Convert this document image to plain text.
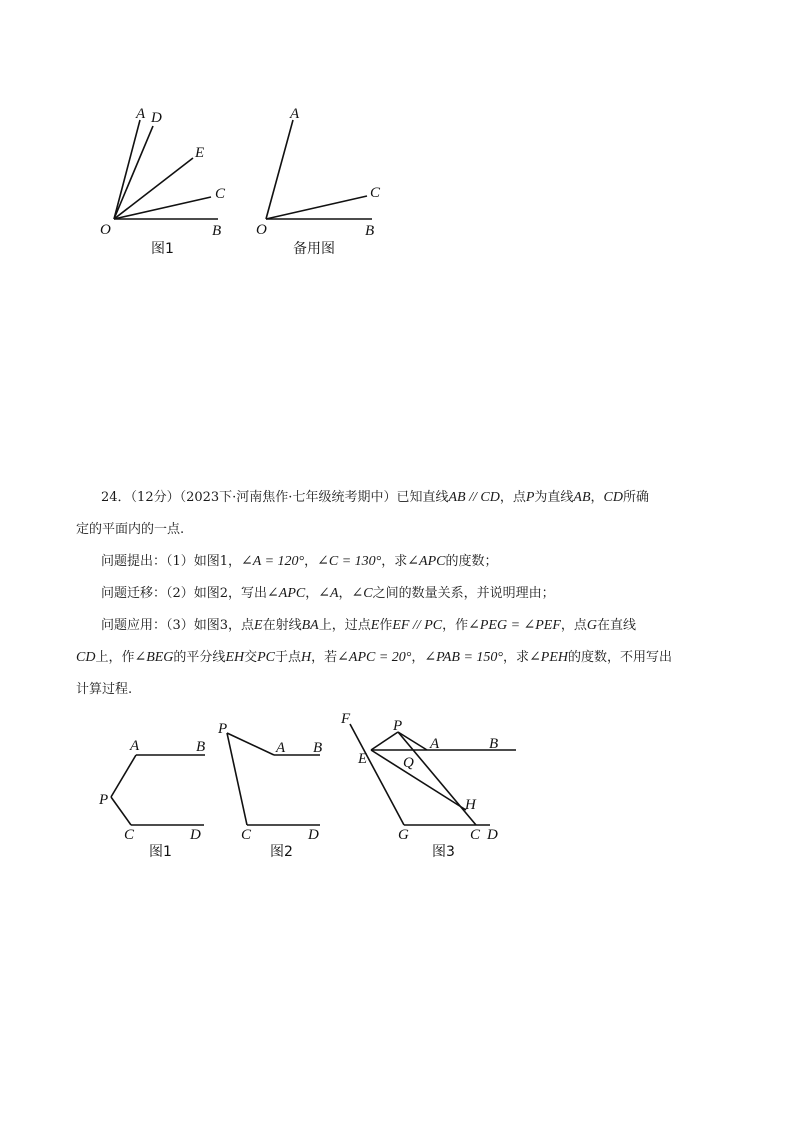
A D
E
C
O	B
图1
A
C
O	B
备用图

24．（12分）（2023下·河南焦作·七年级统考期中）已知直线AB // CD，点P为直线AB，CD所确

定的平面内的一点.

问题提出：（1）如图1，∠A = 120°，∠C = 130°，求∠APC的度数；

问题迁移：（2）如图2，写出∠APC，∠A，∠C之间的数量关系，并说明理由；

问题应用：（3）如图3，点E在射线BA上，过点E作EF // PC，作∠PEG = ∠PEF，点G在直线

CD上，作∠BEG的平分线EH交PC于点H，若∠APC = 20°，∠PAB = 150°，求∠PEH的度数，不用写出

计算过程.

A	B
P
C	D
图1
P
A B
C	D
图2
F	P
A	B
E Q
H
G	C D
图3
